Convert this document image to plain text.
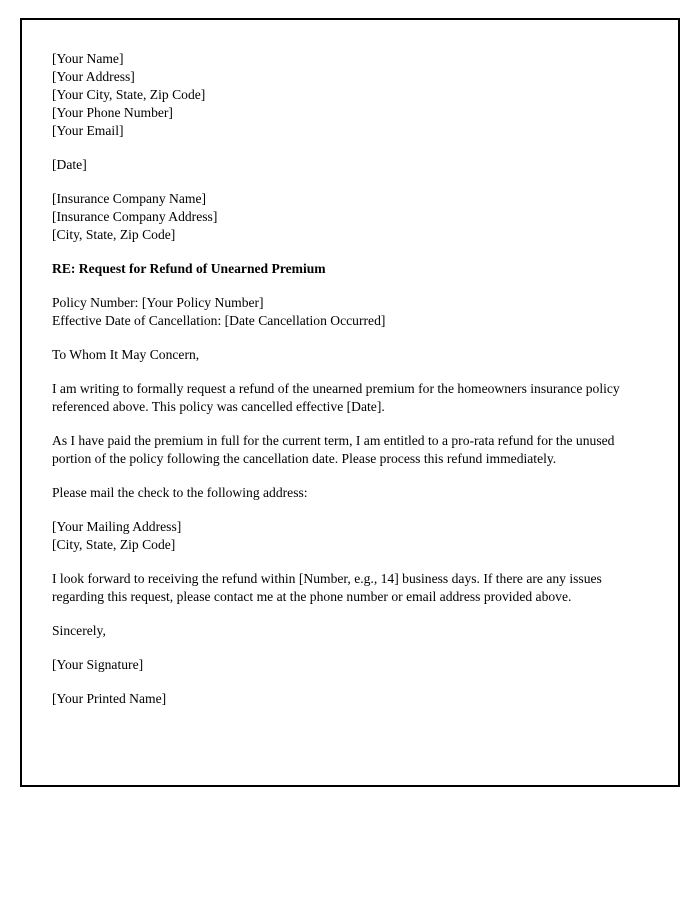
[Your Name]
[Your Address]
[Your City, State, Zip Code]
[Your Phone Number]
[Your Email]

[Date]

[Insurance Company Name]
[Insurance Company Address]
[City, State, Zip Code]

RE: Request for Refund of Unearned Premium

Policy Number: [Your Policy Number]
Effective Date of Cancellation: [Date Cancellation Occurred]

To Whom It May Concern,

I am writing to formally request a refund of the unearned premium for the homeowners insurance policy referenced above. This policy was cancelled effective [Date].

As I have paid the premium in full for the current term, I am entitled to a pro-rata refund for the unused portion of the policy following the cancellation date. Please process this refund immediately.

Please mail the check to the following address:

[Your Mailing Address]
[City, State, Zip Code]

I look forward to receiving the refund within [Number, e.g., 14] business days. If there are any issues regarding this request, please contact me at the phone number or email address provided above.

Sincerely,

[Your Signature]

[Your Printed Name]
